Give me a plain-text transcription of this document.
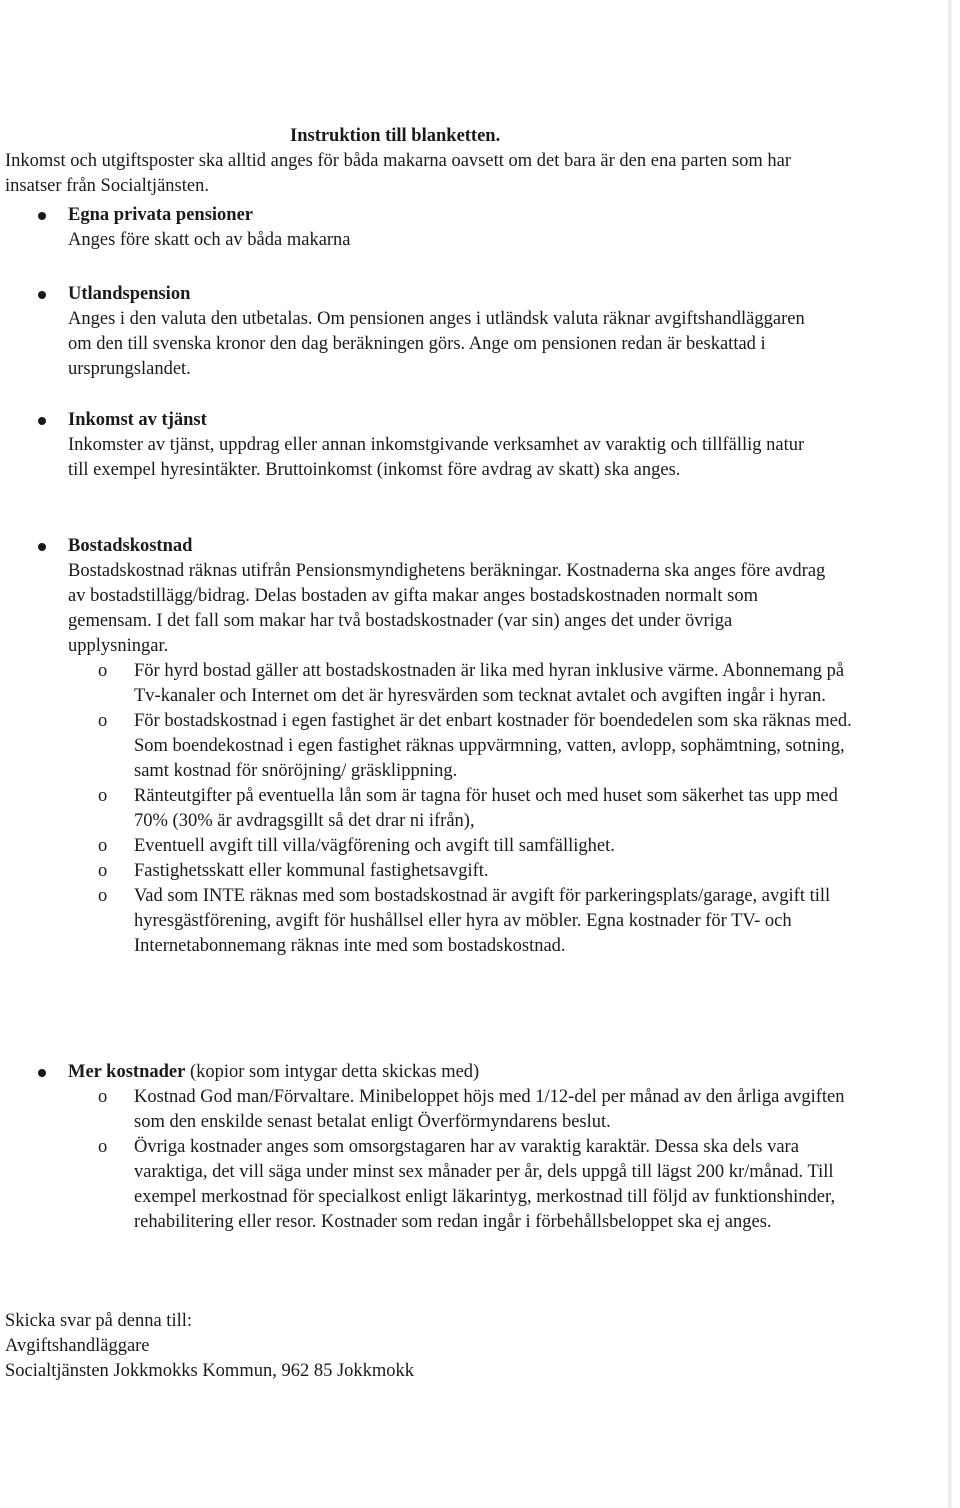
Instruktion till blanketten.

Inkomst och utgiftsposter ska alltid anges för båda makarna oavsett om det bara är den ena parten som har insatser från Socialtjänsten.

Egna privata pensioner

Anges före skatt och av båda makarna

Utlandspension

Anges i den valuta den utbetalas. Om pensionen anges i utländsk valuta räknar avgiftshandläggaren om den till svenska kronor den dag beräkningen görs. Ange om pensionen redan är beskattad i ursprungslandet.

Inkomst av tjänst

Inkomster av tjänst, uppdrag eller annan inkomstgivande verksamhet av varaktig och tillfällig natur till exempel hyresintäkter. Bruttoinkomst (inkomst före avdrag av skatt) ska anges.

Bostadskostnad

Bostadskostnad räknas utifrån Pensionsmyndighetens beräkningar. Kostnaderna ska anges före avdrag av bostadstillägg/bidrag. Delas bostaden av gifta makar anges bostadskostnaden normalt som gemensam. I det fall som makar har två bostadskostnader (var sin) anges det under övriga upplysningar.

o För hyrd bostad gäller att bostadskostnaden är lika med hyran inklusive värme. Abonnemang på Tv-kanaler och Internet om det är hyresvärden som tecknat avtalet och avgiften ingår i hyran.
o För bostadskostnad i egen fastighet är det enbart kostnader för boendedelen som ska räknas med. Som boendekostnad i egen fastighet räknas uppvärmning, vatten, avlopp, sophämtning, sotning, samt kostnad för snöröjning/ gräsklippning.
o Ränteutgifter på eventuella lån som är tagna för huset och med huset som säkerhet tas upp med 70% (30% är avdragsgillt så det drar ni ifrån),
o Eventuell avgift till villa/vägförening och avgift till samfällighet.
o Fastighetsskatt eller kommunal fastighetsavgift.
o Vad som INTE räknas med som bostadskostnad är avgift för parkeringsplats/garage, avgift till hyresgästförening, avgift för hushållsel eller hyra av möbler. Egna kostnader för TV- och Internetabonnemang räknas inte med som bostadskostnad.

Mer kostnader (kopior som intygar detta skickas med)

o Kostnad God man/Förvaltare. Minibeloppet höjs med 1/12-del per månad av den årliga avgiften som den enskilde senast betalat enligt Överförmyndarens beslut.
o Övriga kostnader anges som omsorgstagaren har av varaktig karaktär. Dessa ska dels vara varaktiga, det vill säga under minst sex månader per år, dels uppgå till lägst 200 kr/månad. Till exempel merkostnad för specialkost enligt läkarintyg, merkostnad till följd av funktionshinder, rehabilitering eller resor. Kostnader som redan ingår i förbehållsbeloppet ska ej anges.

Skicka svar på denna till:

Avgiftshandläggare

Socialtjänsten Jokkmokks Kommun, 962 85 Jokkmokk
